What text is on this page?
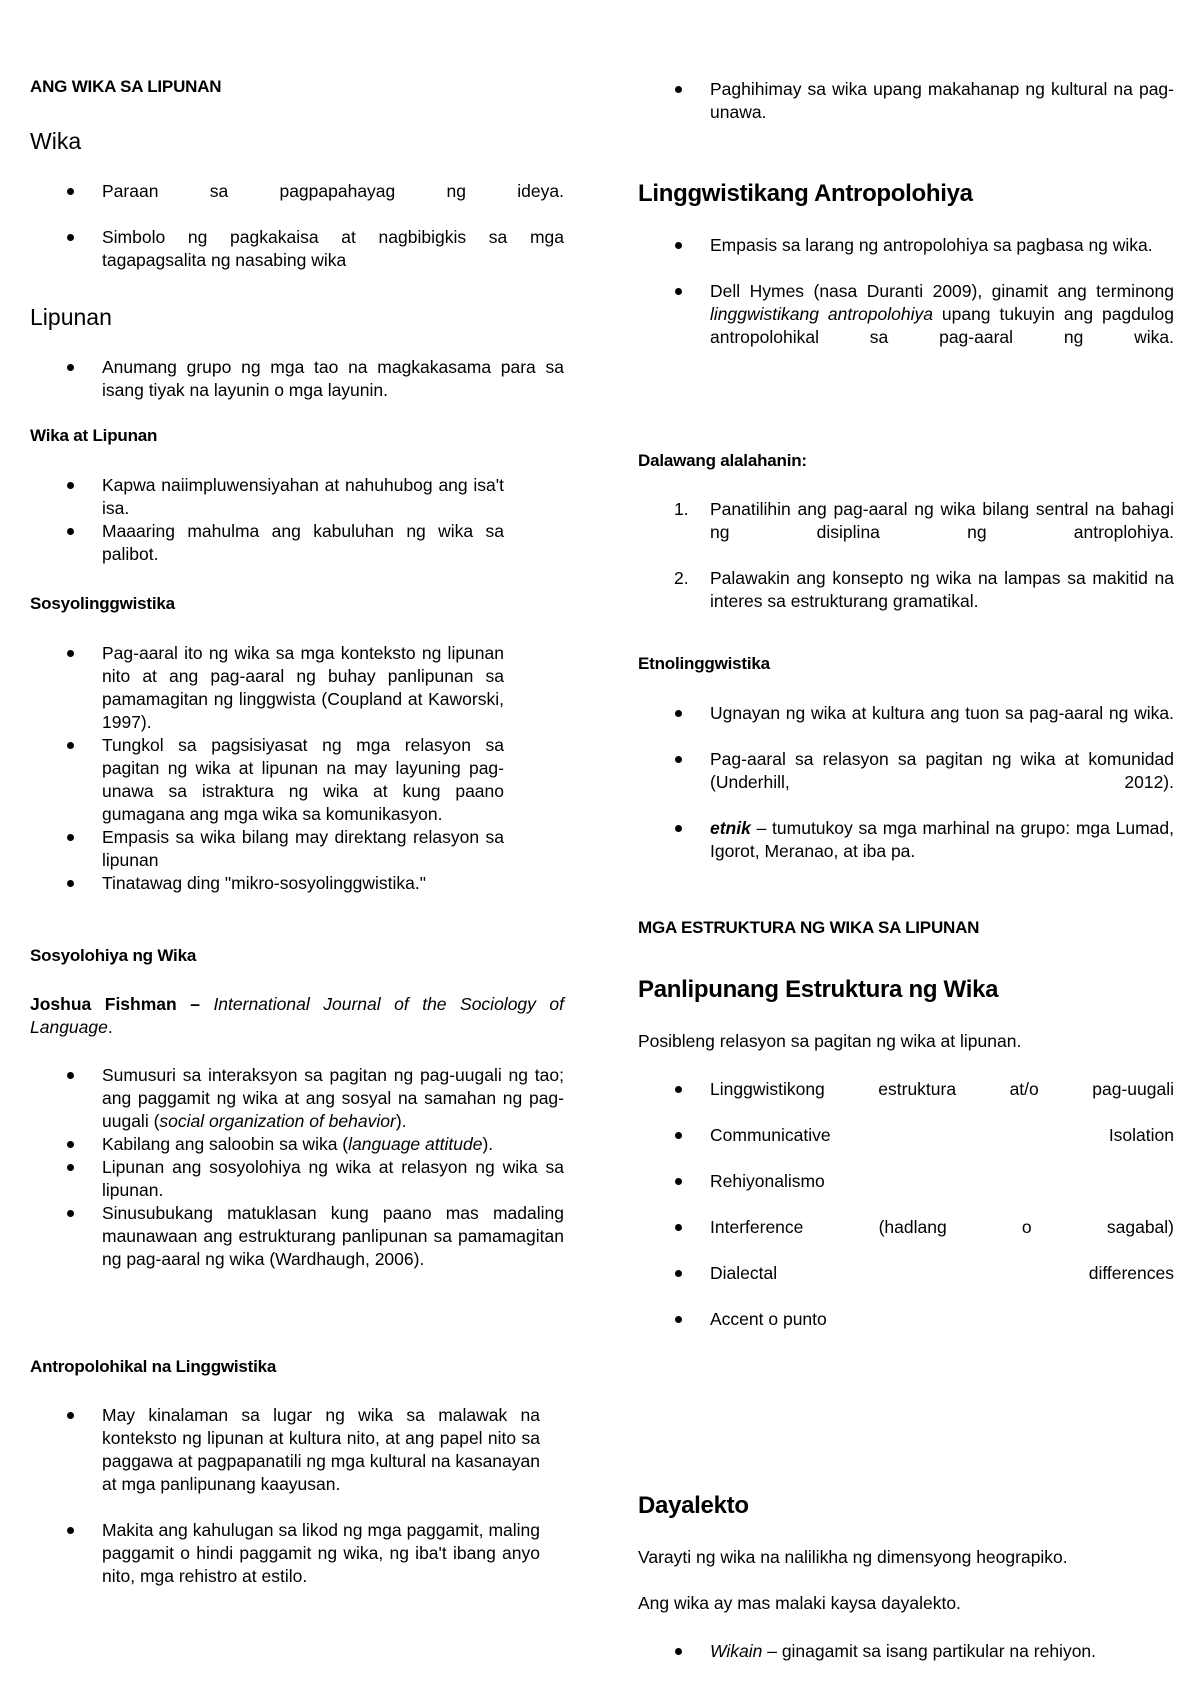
ANG WIKA SA LIPUNAN

Wika

Paraan sa pagpapahayag ng ideya.
Simbolo ng pagkakaisa at nagbibigkis sa mga tagapagsalita ng nasabing wika

Lipunan

Anumang grupo ng mga tao na magkakasama para sa isang tiyak na layunin o mga layunin.

Wika at Lipunan

Kapwa naiimpluwensiyahan at nahuhubog ang isa't isa.
Maaaring mahulma ang kabuluhan ng wika sa palibot.

Sosyolinggwistika

Pag-aaral ito ng wika sa mga konteksto ng lipunan nito at ang pag-aaral ng buhay panlipunan sa pamamagitan ng linggwista (Coupland at Kaworski, 1997).
Tungkol sa pagsisiyasat ng mga relasyon sa pagitan ng wika at lipunan na may layuning pag-unawa sa istraktura ng wika at kung paano gumagana ang mga wika sa komunikasyon.
Empasis sa wika bilang may direktang relasyon sa lipunan
Tinatawag ding "mikro-sosyolinggwistika."

Sosyolohiya ng Wika

Joshua Fishman – International Journal of the Sociology of Language.

Sumusuri sa interaksyon sa pagitan ng pag-uugali ng tao; ang paggamit ng wika at ang sosyal na samahan ng pag-uugali (social organization of behavior).
Kabilang ang saloobin sa wika (language attitude).
Lipunan ang sosyolohiya ng wika at relasyon ng wika sa lipunan.
Sinusubukang matuklasan kung paano mas madaling maunawaan ang estrukturang panlipunan sa pamamagitan ng pag-aaral ng wika (Wardhaugh, 2006).

Antropolohikal na Linggwistika

May kinalaman sa lugar ng wika sa malawak na konteksto ng lipunan at kultura nito, at ang papel nito sa paggawa at pagpapanatili ng mga kultural na kasanayan at mga panlipunang kaayusan.
Makita ang kahulugan sa likod ng mga paggamit, maling paggamit o hindi paggamit ng wika, ng iba't ibang anyo nito, mga rehistro at estilo.
Paghihimay sa wika upang makahanap ng kultural na pag-unawa.

Linggwistikang Antropolohiya

Empasis sa larang ng antropolohiya sa pagbasa ng wika.
Dell Hymes (nasa Duranti 2009), ginamit ang terminong linggwistikang antropolohiya upang tukuyin ang pagdulog antropolohikal sa pag-aaral ng wika.

Dalawang alalahanin:

1. Panatilihin ang pag-aaral ng wika bilang sentral na bahagi ng disiplina ng antroplohiya.
2. Palawakin ang konsepto ng wika na lampas sa makitid na interes sa estrukturang gramatikal.

Etnolinggwistika

Ugnayan ng wika at kultura ang tuon sa pag-aaral ng wika.
Pag-aaral sa relasyon sa pagitan ng wika at komunidad (Underhill, 2012).
etnik – tumutukoy sa mga marhinal na grupo: mga Lumad, Igorot, Meranao, at iba pa.

MGA ESTRUKTURA NG WIKA SA LIPUNAN

Panlipunang Estruktura ng Wika

Posibleng relasyon sa pagitan ng wika at lipunan.

Linggwistikong estruktura at/o pag-uugali
Communicative Isolation
Rehiyonalismo
Interference (hadlang o sagabal)
Dialectal differences
Accent o punto

Dayalekto

Varayti ng wika na nalilikha ng dimensyong heograpiko.

Ang wika ay mas malaki kaysa dayalekto.

Wikain – ginagamit sa isang partikular na rehiyon.
